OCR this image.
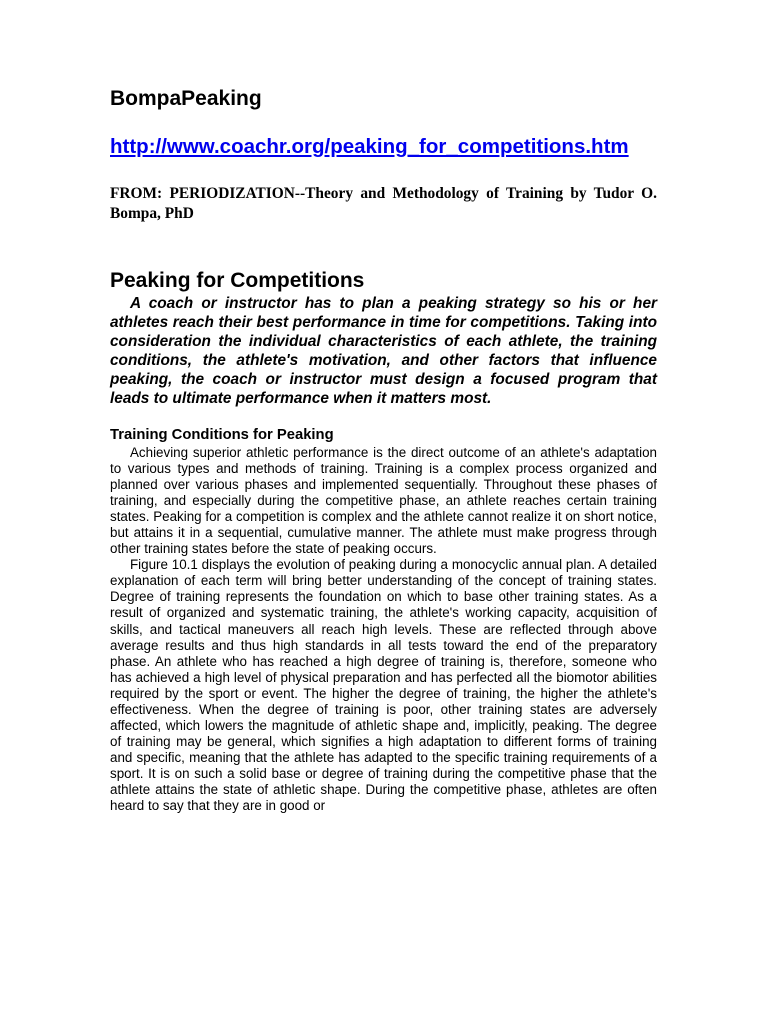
BompaPeaking
http://www.coachr.org/peaking_for_competitions.htm

FROM: PERIODIZATION--Theory and Methodology of Training by Tudor O. Bompa, PhD

Peaking for Competitions

A coach or instructor has to plan a peaking strategy so his or her athletes reach their best performance in time for competitions. Taking into consideration the individual characteristics of each athlete, the training conditions, the athlete's motivation, and other factors that influence peaking, the coach or instructor must design a focused program that leads to ultimate performance when it matters most.

Training Conditions for Peaking

Achieving superior athletic performance is the direct outcome of an athlete's adaptation to various types and methods of training. Training is a complex process organized and planned over various phases and implemented sequentially. Throughout these phases of training, and especially during the competitive phase, an athlete reaches certain training states. Peaking for a competition is complex and the athlete cannot realize it on short notice, but attains it in a sequential, cumulative manner. The athlete must make progress through other training states before the state of peaking occurs.

Figure 10.1 displays the evolution of peaking during a monocyclic annual plan. A detailed explanation of each term will bring better understanding of the concept of training states. Degree of training represents the foundation on which to base other training states. As a result of organized and systematic training, the athlete's working capacity, acquisition of skills, and tactical maneuvers all reach high levels. These are reflected through above average results and thus high standards in all tests toward the end of the preparatory phase. An athlete who has reached a high degree of training is, therefore, someone who has achieved a high level of physical preparation and has perfected all the biomotor abilities required by the sport or event. The higher the degree of training, the higher the athlete's effectiveness. When the degree of training is poor, other training states are adversely affected, which lowers the magnitude of athletic shape and, implicitly, peaking. The degree of training may be general, which signifies a high adaptation to different forms of training and specific, meaning that the athlete has adapted to the specific training requirements of a sport. It is on such a solid base or degree of training during the competitive phase that the athlete attains the state of athletic shape. During the competitive phase, athletes are often heard to say that they are in good or
